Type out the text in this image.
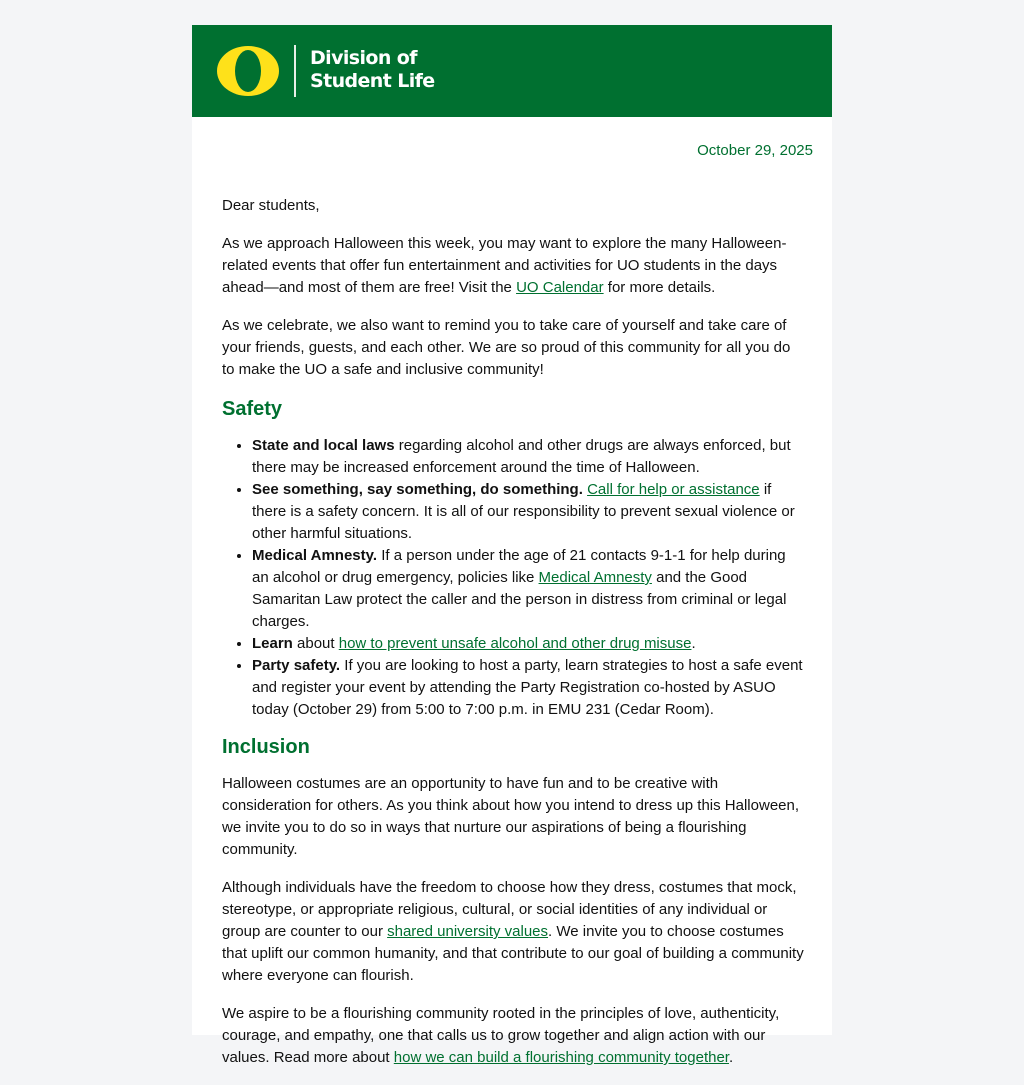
Division of
Student Life
October 29, 2025

Dear students,

As we approach Halloween this week, you may want to explore the many Halloween-related events that offer fun entertainment and activities for UO students in the days ahead—and most of them are free! Visit the UO Calendar for more details.

As we celebrate, we also want to remind you to take care of yourself and take care of your friends, guests, and each other. We are so proud of this community for all you do to make the UO a safe and inclusive community!

Safety
• State and local laws regarding alcohol and other drugs are always enforced, but there may be increased enforcement around the time of Halloween.
• See something, say something, do something. Call for help or assistance if there is a safety concern. It is all of our responsibility to prevent sexual violence or other harmful situations.
• Medical Amnesty. If a person under the age of 21 contacts 9-1-1 for help during an alcohol or drug emergency, policies like Medical Amnesty and the Good Samaritan Law protect the caller and the person in distress from criminal or legal charges.
• Learn about how to prevent unsafe alcohol and other drug misuse.
• Party safety. If you are looking to host a party, learn strategies to host a safe event and register your event by attending the Party Registration co-hosted by ASUO today (October 29) from 5:00 to 7:00 p.m. in EMU 231 (Cedar Room).
Inclusion

Halloween costumes are an opportunity to have fun and to be creative with consideration for others. As you think about how you intend to dress up this Halloween, we invite you to do so in ways that nurture our aspirations of being a flourishing community.

Although individuals have the freedom to choose how they dress, costumes that mock, stereotype, or appropriate religious, cultural, or social identities of any individual or group are counter to our shared university values. We invite you to choose costumes that uplift our common humanity, and that contribute to our goal of building a community where everyone can flourish.

We aspire to be a flourishing community rooted in the principles of love, authenticity, courage, and empathy, one that calls us to grow together and align action with our values. Read more about how we can build a flourishing community together.
